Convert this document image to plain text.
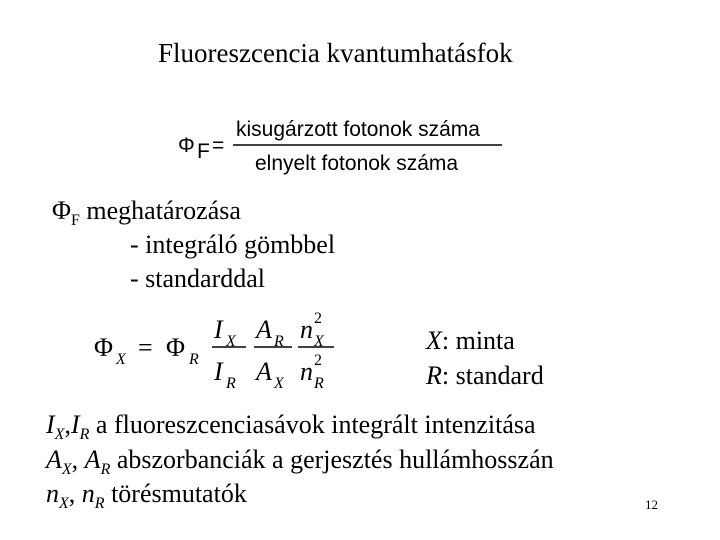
Fluoreszcencia kvantumhatásfok
Φ F =
kisugárzott fotonok száma
elnyelt fotonok száma
$\Phi_F$ meghatározása
- integráló gömbbel
- standarddal
Φ X = Φ R
I X
I R
A R
A X
n 2
X
n 2
R
X: minta
R: standard
$I_X,I_R$ a fluoreszcenciasávok integrált intenzitása
$A_X$, $A_R$ abszorbanciák a gerjesztés hullámhosszán
$n_X$, $n_R$ törésmutatók	12
